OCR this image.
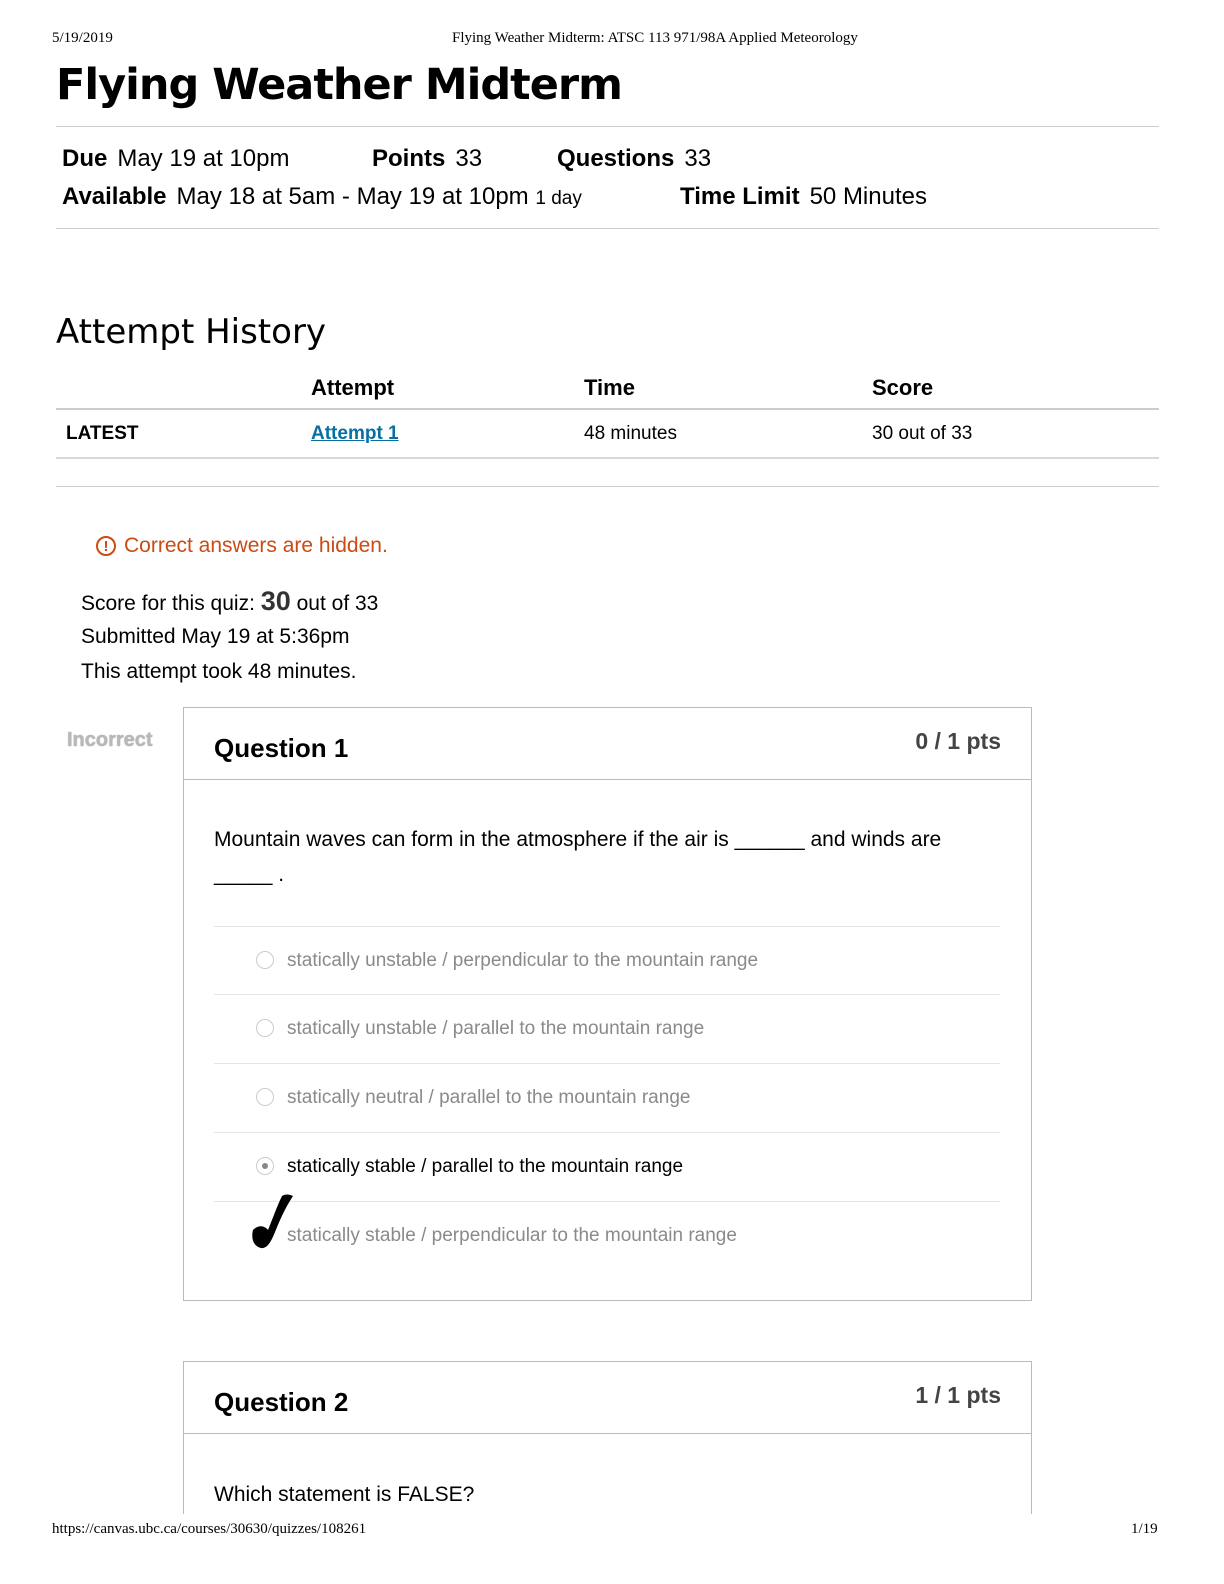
5/19/2019	Flying Weather Midterm: ATSC 113 971/98A Applied Meteorology
Flying Weather Midterm
Due May 19 at 10pm	Points 33	Questions 33
Available May 18 at 5am - May 19 at 10pm 1 day	Time Limit 50 Minutes
Attempt History
	Attempt	Time	Score
LATEST	Attempt 1	48 minutes	30 out of 33
! Correct answers are hidden.
Score for this quiz: 30 out of 33
Submitted May 19 at 5:36pm
This attempt took 48 minutes.
Incorrect Question 1	0 / 1 pts
Mountain waves can form in the atmosphere if the air is ______ and winds are _____ .
statically unstable / perpendicular to the mountain range
statically unstable / parallel to the mountain range
statically neutral / parallel to the mountain range
statically stable / parallel to the mountain range
statically stable / perpendicular to the mountain range
Question 2	1 / 1 pts
Which statement is FALSE?
https://canvas.ubc.ca/courses/30630/quizzes/108261	1/19
